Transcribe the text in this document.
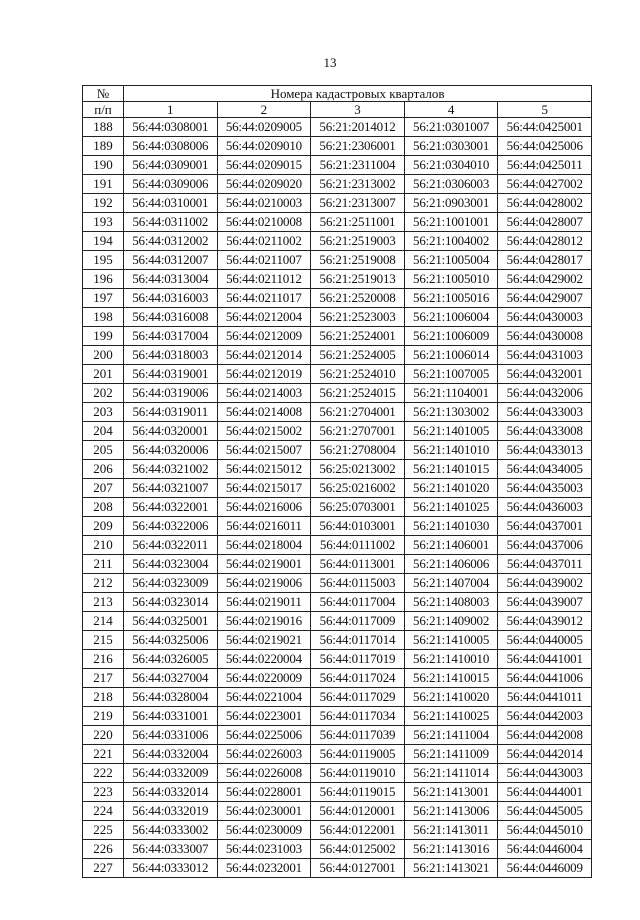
13
№	Номера кадастровых кварталов				
п/п	1	2	3	4	5
188	56:44:0308001	56:44:0209005	56:21:2014012	56:21:0301007	56:44:0425001
189	56:44:0308006	56:44:0209010	56:21:2306001	56:21:0303001	56:44:0425006
190	56:44:0309001	56:44:0209015	56:21:2311004	56:21:0304010	56:44:0425011
191	56:44:0309006	56:44:0209020	56:21:2313002	56:21:0306003	56:44:0427002
192	56:44:0310001	56:44:0210003	56:21:2313007	56:21:0903001	56:44:0428002
193	56:44:0311002	56:44:0210008	56:21:2511001	56:21:1001001	56:44:0428007
194	56:44:0312002	56:44:0211002	56:21:2519003	56:21:1004002	56:44:0428012
195	56:44:0312007	56:44:0211007	56:21:2519008	56:21:1005004	56:44:0428017
196	56:44:0313004	56:44:0211012	56:21:2519013	56:21:1005010	56:44:0429002
197	56:44:0316003	56:44:0211017	56:21:2520008	56:21:1005016	56:44:0429007
198	56:44:0316008	56:44:0212004	56:21:2523003	56:21:1006004	56:44:0430003
199	56:44:0317004	56:44:0212009	56:21:2524001	56:21:1006009	56:44:0430008
200	56:44:0318003	56:44:0212014	56:21:2524005	56:21:1006014	56:44:0431003
201	56:44:0319001	56:44:0212019	56:21:2524010	56:21:1007005	56:44:0432001
202	56:44:0319006	56:44:0214003	56:21:2524015	56:21:1104001	56:44:0432006
203	56:44:0319011	56:44:0214008	56:21:2704001	56:21:1303002	56:44:0433003
204	56:44:0320001	56:44:0215002	56:21:2707001	56:21:1401005	56:44:0433008
205	56:44:0320006	56:44:0215007	56:21:2708004	56:21:1401010	56:44:0433013
206	56:44:0321002	56:44:0215012	56:25:0213002	56:21:1401015	56:44:0434005
207	56:44:0321007	56:44:0215017	56:25:0216002	56:21:1401020	56:44:0435003
208	56:44:0322001	56:44:0216006	56:25:0703001	56:21:1401025	56:44:0436003
209	56:44:0322006	56:44:0216011	56:44:0103001	56:21:1401030	56:44:0437001
210	56:44:0322011	56:44:0218004	56:44:0111002	56:21:1406001	56:44:0437006
211	56:44:0323004	56:44:0219001	56:44:0113001	56:21:1406006	56:44:0437011
212	56:44:0323009	56:44:0219006	56:44:0115003	56:21:1407004	56:44:0439002
213	56:44:0323014	56:44:0219011	56:44:0117004	56:21:1408003	56:44:0439007
214	56:44:0325001	56:44:0219016	56:44:0117009	56:21:1409002	56:44:0439012
215	56:44:0325006	56:44:0219021	56:44:0117014	56:21:1410005	56:44:0440005
216	56:44:0326005	56:44:0220004	56:44:0117019	56:21:1410010	56:44:0441001
217	56:44:0327004	56:44:0220009	56:44:0117024	56:21:1410015	56:44:0441006
218	56:44:0328004	56:44:0221004	56:44:0117029	56:21:1410020	56:44:0441011
219	56:44:0331001	56:44:0223001	56:44:0117034	56:21:1410025	56:44:0442003
220	56:44:0331006	56:44:0225006	56:44:0117039	56:21:1411004	56:44:0442008
221	56:44:0332004	56:44:0226003	56:44:0119005	56:21:1411009	56:44:0442014
222	56:44:0332009	56:44:0226008	56:44:0119010	56:21:1411014	56:44:0443003
223	56:44:0332014	56:44:0228001	56:44:0119015	56:21:1413001	56:44:0444001
224	56:44:0332019	56:44:0230001	56:44:0120001	56:21:1413006	56:44:0445005
225	56:44:0333002	56:44:0230009	56:44:0122001	56:21:1413011	56:44:0445010
226	56:44:0333007	56:44:0231003	56:44:0125002	56:21:1413016	56:44:0446004
227	56:44:0333012	56:44:0232001	56:44:0127001	56:21:1413021	56:44:0446009
